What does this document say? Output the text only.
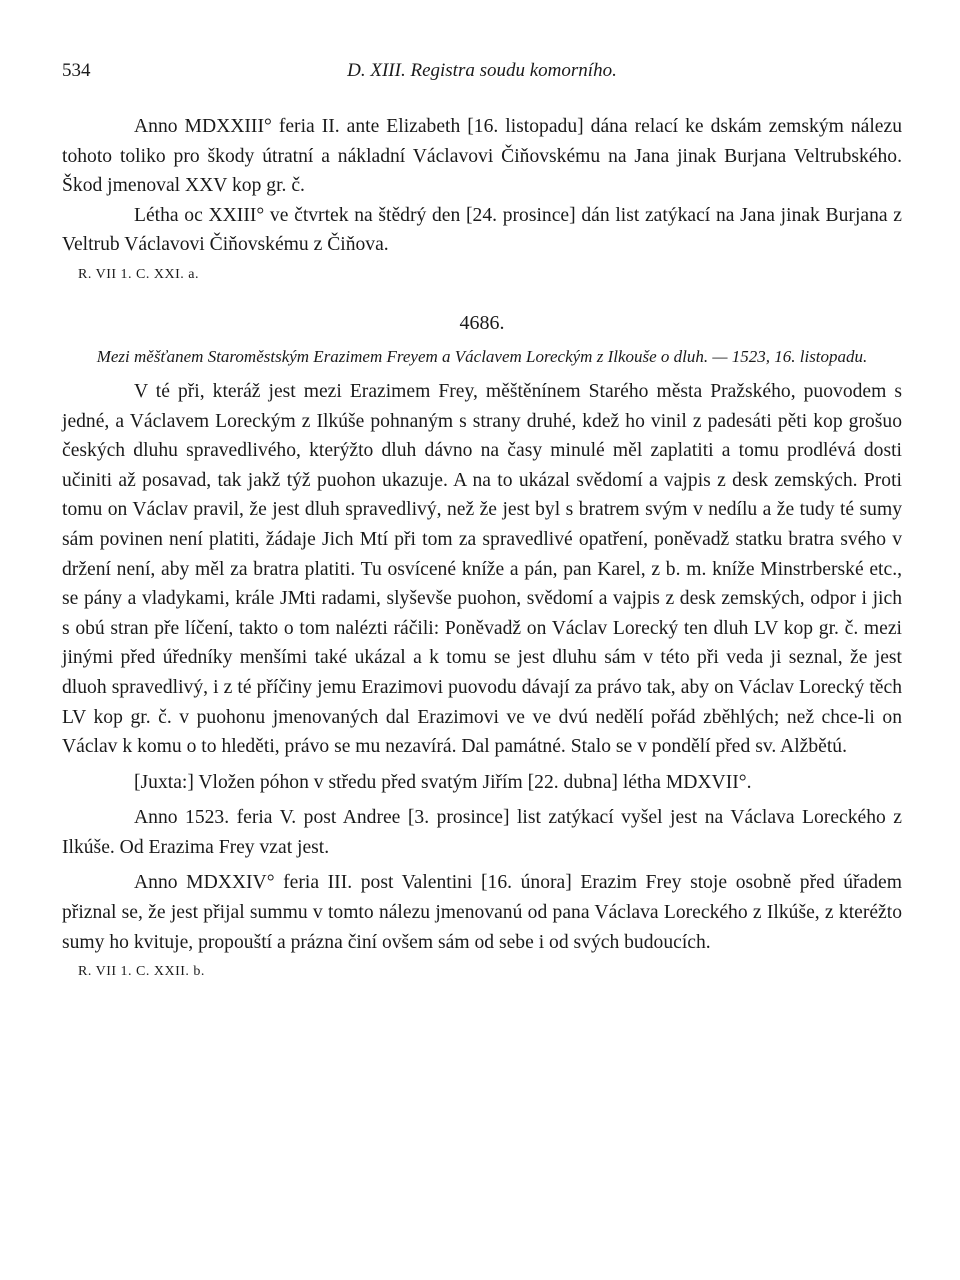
534	D. XIII. Registra soudu komorního.

Anno MDXXIII° feria II. ante Elizabeth [16. listopadu] dána relací ke dskám zemským nálezu tohoto toliko pro škody útratní a nákladní Václavovi Čiňovskému na Jana jinak Burjana Veltrubského. Škod jmenoval XXV kop gr. č.

Létha oc XXIII° ve čtvrtek na štědrý den [24. prosince] dán list zatýkací na Jana jinak Burjana z Veltrub Václavovi Čiňovskému z Čiňova.

R. VII 1. C. XXI. a.
4686.
Mezi měšťanem Staroměstským Erazimem Freyem a Václavem Loreckým z Ilkouše o dluh. — 1523, 16. listopadu.

V té při, kteráž jest mezi Erazimem Frey, měštěnínem Starého města Pražského, puovodem s jedné, a Václavem Loreckým z Ilkúše pohnaným s strany druhé, kdež ho vinil z padesáti pěti kop grošuo českých dluhu spravedlivého, kterýžto dluh dávno na časy minulé měl zaplatiti a tomu prodlévá dosti učiniti až posavad, tak jakž týž puohon ukazuje. A na to ukázal svědomí a vajpis z desk zemských. Proti tomu on Václav pravil, že jest dluh spravedlivý, než že jest byl s bratrem svým v nedílu a že tudy té sumy sám povinen není platiti, žádaje Jich Mtí při tom za spravedlivé opatření, poněvadž statku bratra svého v držení není, aby měl za bratra platiti. Tu osvícené kníže a pán, pan Karel, z b. m. kníže Minstrberské etc., se pány a vladykami, krále JMti radami, slyševše puohon, svědomí a vajpis z desk zemských, odpor i jich s obú stran pře líčení, takto o tom nalézti ráčili: Poněvadž on Václav Lorecký ten dluh LV kop gr. č. mezi jinými před úředníky menšími také ukázal a k tomu se jest dluhu sám v této při veda ji seznal, že jest dluoh spravedlivý, i z té příčiny jemu Erazimovi puovodu dávají za právo tak, aby on Václav Lorecký těch LV kop gr. č. v puohonu jmenovaných dal Erazimovi ve ve dvú nedělí pořád zběhlých; než chce-li on Václav k komu o to hleděti, právo se mu nezavírá. Dal památné. Stalo se v pondělí před sv. Alžbětú.

[Juxta:] Vložen póhon v středu před svatým Jiřím [22. dubna] létha MDXVII°.

Anno 1523. feria V. post Andree [3. prosince] list zatýkací vyšel jest na Václava Loreckého z Ilkúše. Od Erazima Frey vzat jest.

Anno MDXXIV° feria III. post Valentini [16. února] Erazim Frey stoje osobně před úřadem přiznal se, že jest přijal summu v tomto nálezu jmenovanú od pana Václava Loreckého z Ilkúše, z kteréžto sumy ho kvituje, propouští a prázna činí ovšem sám od sebe i od svých budoucích.

R. VII 1. C. XXII. b.
